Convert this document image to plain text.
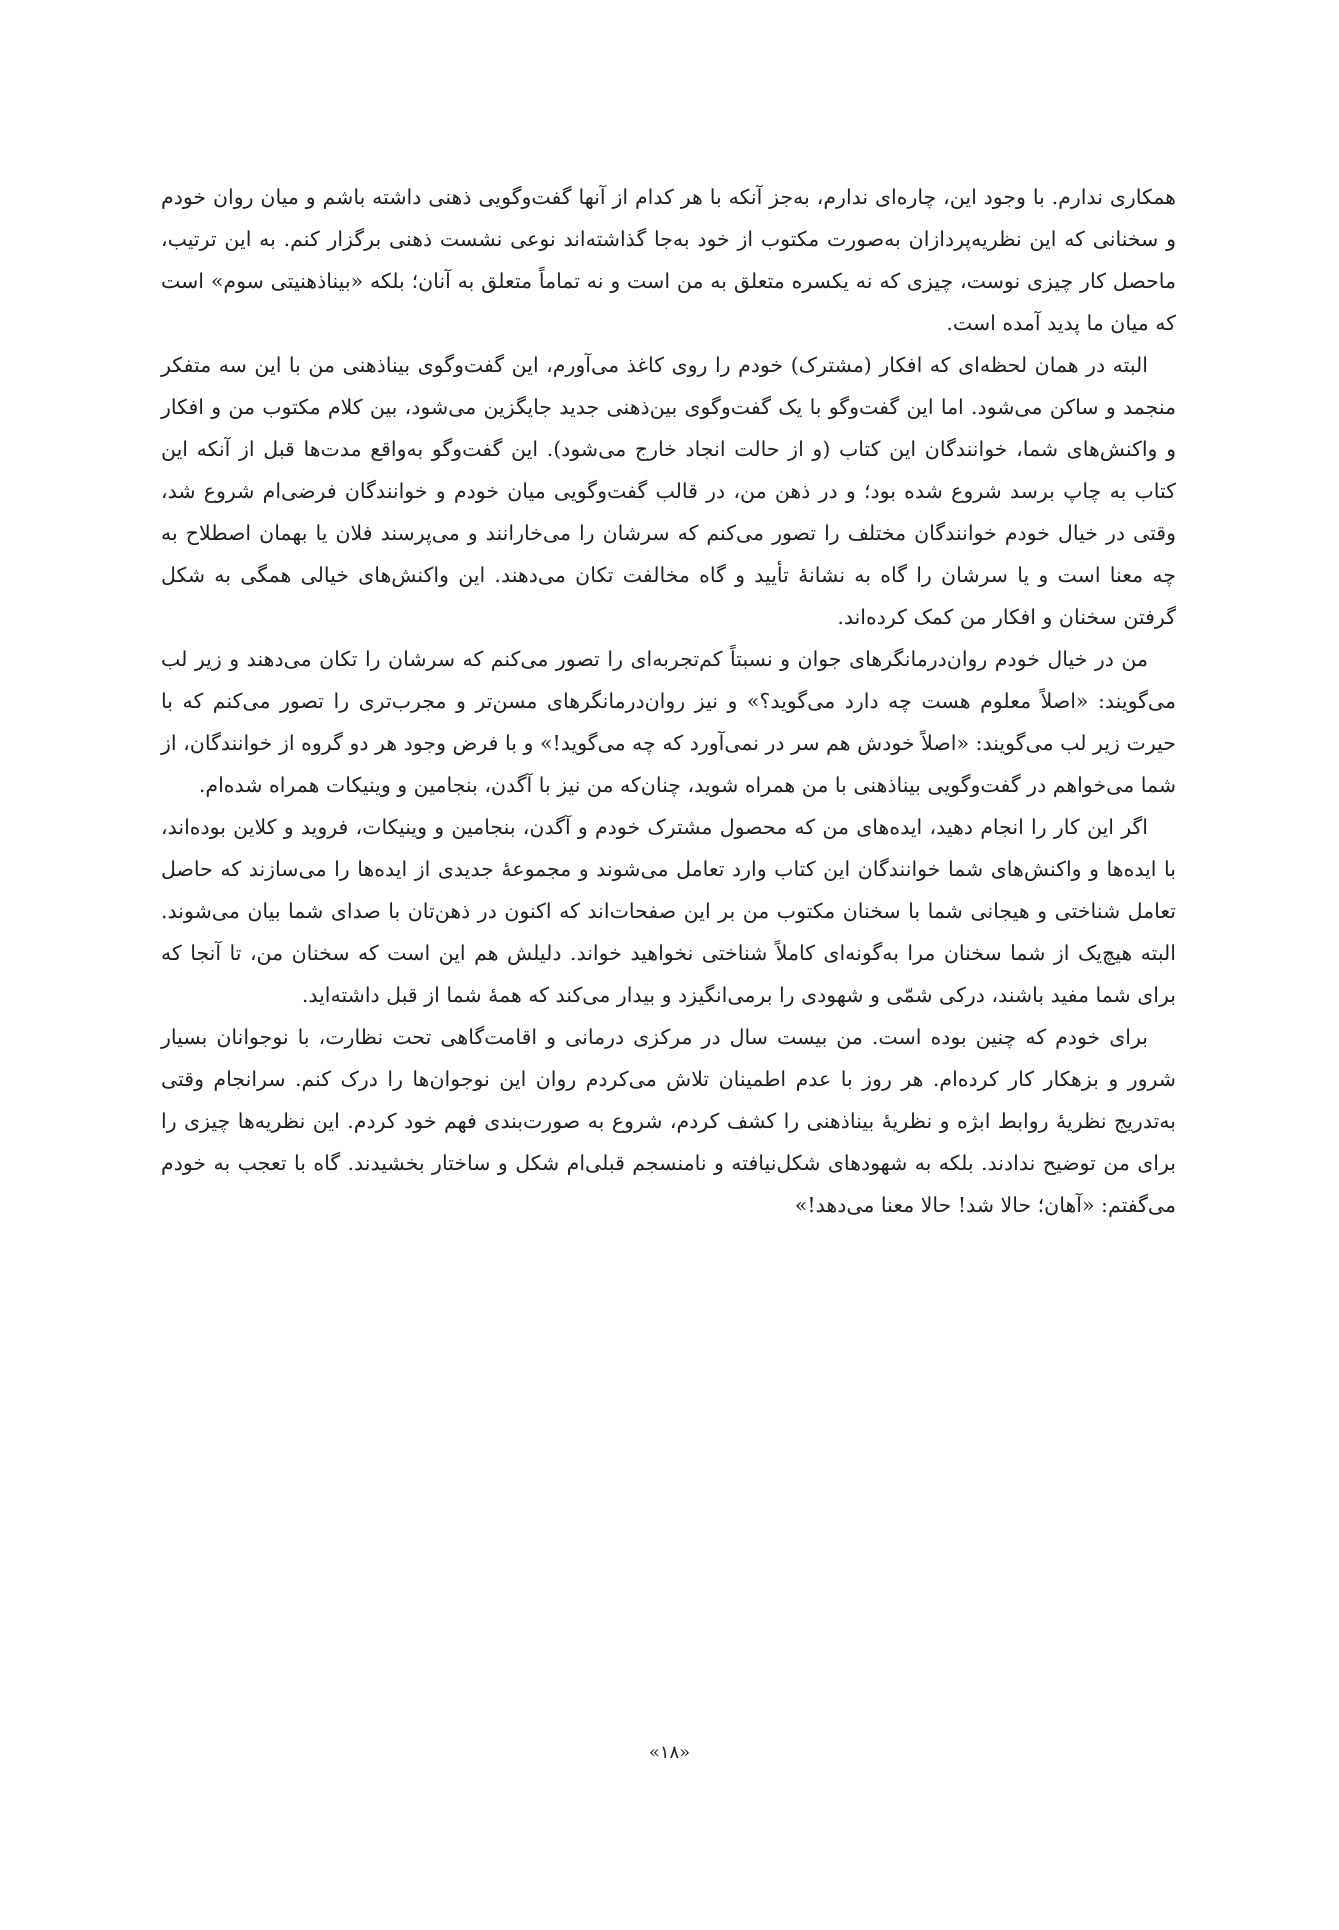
همکاری ندارم. با وجود این، چاره‌ای ندارم، به‌جز آنکه با هر کدام از آنها گفت‌وگویی ذهنی داشته باشم و میان روان خودم و سخنانی که این نظریه‌پردازان به‌صورت مکتوب از خود به‌جا گذاشته‌اند نوعی نشست ذهنی برگزار کنم. به این ترتیب، ماحصل کار چیزی نوست، چیزی که نه یکسره متعلق به من است و نه تماماً متعلق به آنان؛ بلکه «بیناذهنیتی سوم» است که میان ما پدید آمده است.

البته در همان لحظه‌ای که افکار (مشترک) خودم را روی کاغذ می‌آورم، این گفت‌وگوی بیناذهنی من با این سه متفکر منجمد و ساکن می‌شود. اما این گفت‌وگو با یک گفت‌وگوی بین‌ذهنی جدید جایگزین می‌شود، بین کلام مکتوب من و افکار و واکنش‌های شما، خوانندگان این کتاب (و از حالت انجاد خارج می‌شود). این گفت‌وگو به‌واقع مدت‌ها قبل از آنکه این کتاب به چاپ برسد شروع شده بود؛ و در ذهن من، در قالب گفت‌وگویی میان خودم و خوانندگان فرضی‌ام شروع شد، وقتی در خیال خودم خوانندگان مختلف را تصور می‌کنم که سرشان را می‌خارانند و می‌پرسند فلان یا بهمان اصطلاح به چه معنا است و یا سرشان را گاه به نشانهٔ تأیید و گاه مخالفت تکان می‌دهند. این واکنش‌های خیالی همگی به شکل گرفتن سخنان و افکار من کمک کرده‌اند.

من در خیال خودم روان‌درمانگرهای جوان و نسبتاً کم‌تجربه‌ای را تصور می‌کنم که سرشان را تکان می‌دهند و زیر لب می‌گویند: «اصلاً معلوم هست چه دارد می‌گوید؟» و نیز روان‌درمانگرهای مسن‌تر و مجرب‌تری را تصور می‌کنم که با حیرت زیر لب می‌گویند: «اصلاً خودش هم سر در نمی‌آورد که چه می‌گوید!» و با فرض وجود هر دو گروه از خوانندگان، از شما می‌خواهم در گفت‌وگویی بیناذهنی با من همراه شوید، چنان‌که من نیز با آگدن، بنجامین و وینیکات همراه شده‌ام.

اگر این کار را انجام دهید، ایده‌های من که محصول مشترک خودم و آگدن، بنجامین و وینیکات، فروید و کلاین بوده‌اند، با ایده‌ها و واکنش‌های شما خوانندگان این کتاب وارد تعامل می‌شوند و مجموعهٔ جدیدی از ایده‌ها را می‌سازند که حاصل تعامل شناختی و هیجانی شما با سخنان مکتوب من بر این صفحات‌اند که اکنون در ذهن‌تان با صدای شما بیان می‌شوند. البته هیچ‌یک از شما سخنان مرا به‌گونه‌ای کاملاً شناختی نخواهید خواند. دلیلش هم این است که سخنان من، تا آنجا که برای شما مفید باشند، درکی شمّی و شهودی را برمی‌انگیزد و بیدار می‌کند که همهٔ شما از قبل داشته‌اید.

برای خودم که چنین بوده است. من بیست سال در مرکزی درمانی و اقامت‌گاهی تحت نظارت، با نوجوانان بسیار شرور و بزهکار کار کرده‌ام. هر روز با عدم اطمینان تلاش می‌کردم روان این نوجوان‌ها را درک کنم. سرانجام وقتی به‌تدریج نظریهٔ روابط ابژه و نظریهٔ بیناذهنی را کشف کردم، شروع به صورت‌بندی فهم خود کردم. این نظریه‌ها چیزی را برای من توضیح ندادند. بلکه به شهودهای شکل‌نیافته و نامنسجم قبلی‌ام شکل و ساختار بخشیدند. گاه با تعجب به خودم می‌گفتم: «آهان؛ حالا شد! حالا معنا می‌دهد!»

«۱۸»
